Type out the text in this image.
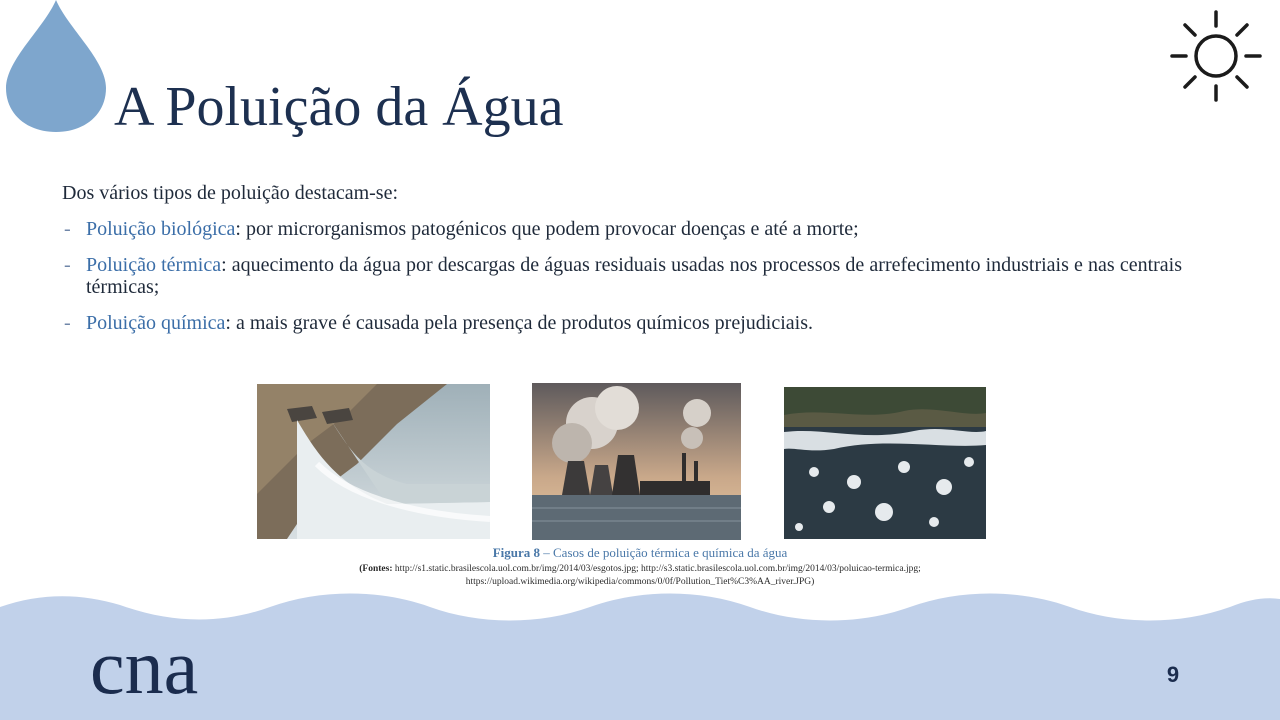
A Poluição da Água

Dos vários tipos de poluição destacam-se:

- Poluição biológica: por microrganismos patogénicos que podem provocar doenças e até a morte;
- Poluição térmica: aquecimento da água por descargas de águas residuais usadas nos processos de arrefecimento industriais e nas centrais térmicas;
- Poluição química: a mais grave é causada pela presença de produtos químicos prejudiciais.
Figura 8 – Casos de poluição térmica e química da água
(Fontes: http://s1.static.brasilescola.uol.com.br/img/2014/03/esgotos.jpg; http://s3.static.brasilescola.uol.com.br/img/2014/03/poluicao-termica.jpg; https://upload.wikimedia.org/wikipedia/commons/0/0f/Pollution_Tiet%C3%AA_river.JPG)
cna	9
